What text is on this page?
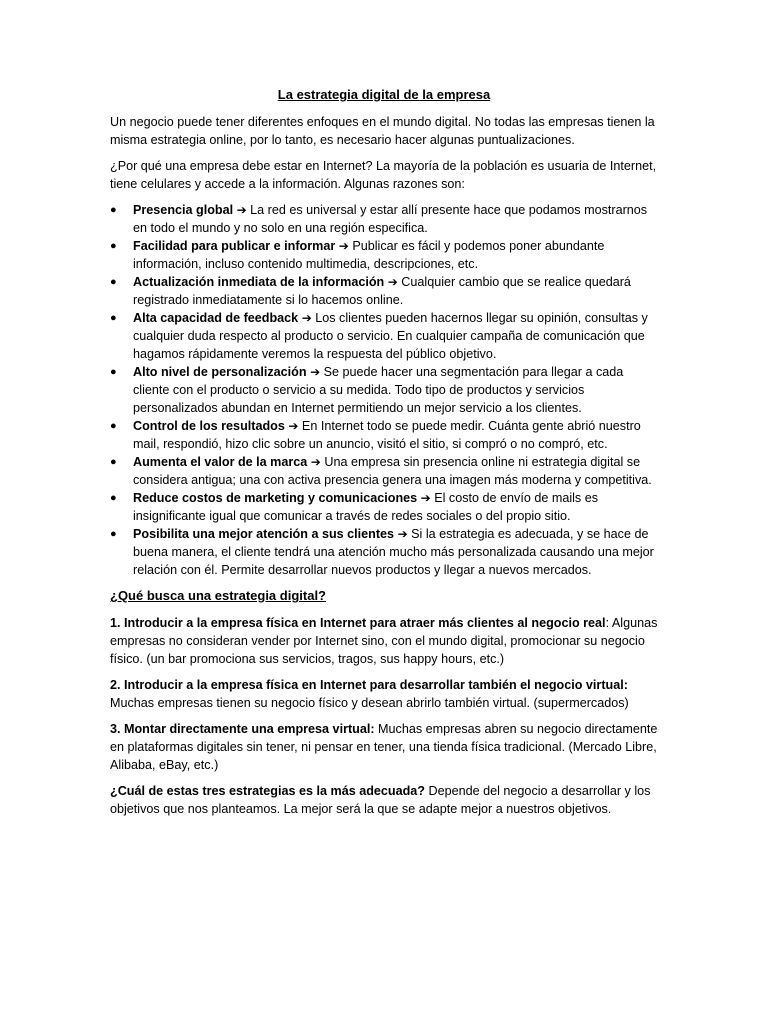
La estrategia digital de la empresa

Un negocio puede tener diferentes enfoques en el mundo digital. No todas las empresas tienen la misma estrategia online, por lo tanto, es necesario hacer algunas puntualizaciones.

¿Por qué una empresa debe estar en Internet? La mayoría de la población es usuaria de Internet, tiene celulares y accede a la información. Algunas razones son:

● Presencia global ➔ La red es universal y estar allí presente hace que podamos mostrarnos en todo el mundo y no solo en una región especifica.
● Facilidad para publicar e informar ➔ Publicar es fácil y podemos poner abundante información, incluso contenido multimedia, descripciones, etc.
● Actualización inmediata de la información ➔ Cualquier cambio que se realice quedará registrado inmediatamente si lo hacemos online.
● Alta capacidad de feedback ➔ Los clientes pueden hacernos llegar su opinión, consultas y cualquier duda respecto al producto o servicio. En cualquier campaña de comunicación que hagamos rápidamente veremos la respuesta del público objetivo.
● Alto nivel de personalización ➔ Se puede hacer una segmentación para llegar a cada cliente con el producto o servicio a su medida. Todo tipo de productos y servicios personalizados abundan en Internet permitiendo un mejor servicio a los clientes.
● Control de los resultados ➔ En Internet todo se puede medir. Cuánta gente abrió nuestro mail, respondió, hizo clic sobre un anuncio, visitó el sitio, si compró o no compró, etc.
● Aumenta el valor de la marca ➔ Una empresa sin presencia online ni estrategia digital se considera antigua; una con activa presencia genera una imagen más moderna y competitiva.
● Reduce costos de marketing y comunicaciones ➔ El costo de envío de mails es insignificante igual que comunicar a través de redes sociales o del propio sitio.
● Posibilita una mejor atención a sus clientes ➔ Si la estrategia es adecuada, y se hace de buena manera, el cliente tendrá una atención mucho más personalizada causando una mejor relación con él. Permite desarrollar nuevos productos y llegar a nuevos mercados.
¿Qué busca una estrategia digital?

1. Introducir a la empresa física en Internet para atraer más clientes al negocio real: Algunas empresas no consideran vender por Internet sino, con el mundo digital, promocionar su negocio físico. (un bar promociona sus servicios, tragos, sus happy hours, etc.)

2. Introducir a la empresa física en Internet para desarrollar también el negocio virtual: Muchas empresas tienen su negocio físico y desean abrirlo también virtual. (supermercados)

3. Montar directamente una empresa virtual: Muchas empresas abren su negocio directamente en plataformas digitales sin tener, ni pensar en tener, una tienda física tradicional. (Mercado Libre, Alibaba, eBay, etc.)

¿Cuál de estas tres estrategias es la más adecuada? Depende del negocio a desarrollar y los objetivos que nos planteamos. La mejor será la que se adapte mejor a nuestros objetivos.
